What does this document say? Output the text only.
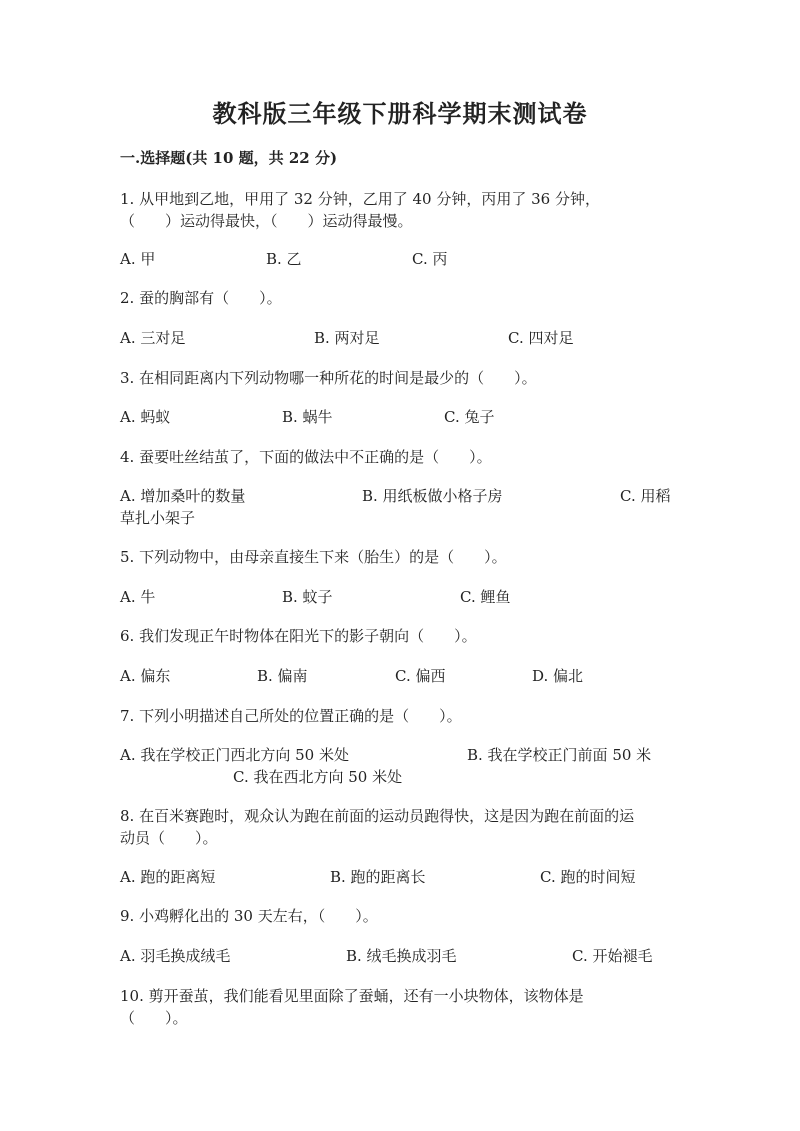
教科版三年级下册科学期末测试卷
一.选择题(共 10 题，共 22 分)
1. 从甲地到乙地，甲用了 32 分钟，乙用了 40 分钟，丙用了 36 分钟，
（　　）运动得最快，（　　）运动得最慢。
A. 甲	B. 乙	C. 丙
2. 蚕的胸部有（　　）。
A. 三对足	B. 两对足	C. 四对足
3. 在相同距离内下列动物哪一种所花的时间是最少的（　　）。
A. 蚂蚁	B. 蜗牛	C. 兔子
4. 蚕要吐丝结茧了，下面的做法中不正确的是（　　）。
A. 增加桑叶的数量	B. 用纸板做小格子房	C. 用稻
草扎小架子
5. 下列动物中，由母亲直接生下来（胎生）的是（　　）。
A. 牛	B. 蚊子	C. 鲤鱼
6. 我们发现正午时物体在阳光下的影子朝向（　　）。
A. 偏东	B. 偏南	C. 偏西	D. 偏北
7. 下列小明描述自己所处的位置正确的是（　　）。
A. 我在学校正门西北方向 50 米处	B. 我在学校正门前面 50 米
C. 我在西北方向 50 米处
8. 在百米赛跑时，观众认为跑在前面的运动员跑得快，这是因为跑在前面的运
动员（　　）。
A. 跑的距离短	B. 跑的距离长	C. 跑的时间短
9. 小鸡孵化出的 30 天左右，（　　）。
A. 羽毛换成绒毛	B. 绒毛换成羽毛	C. 开始褪毛
10. 剪开蚕茧，我们能看见里面除了蚕蛹，还有一小块物体，该物体是
（　　）。
